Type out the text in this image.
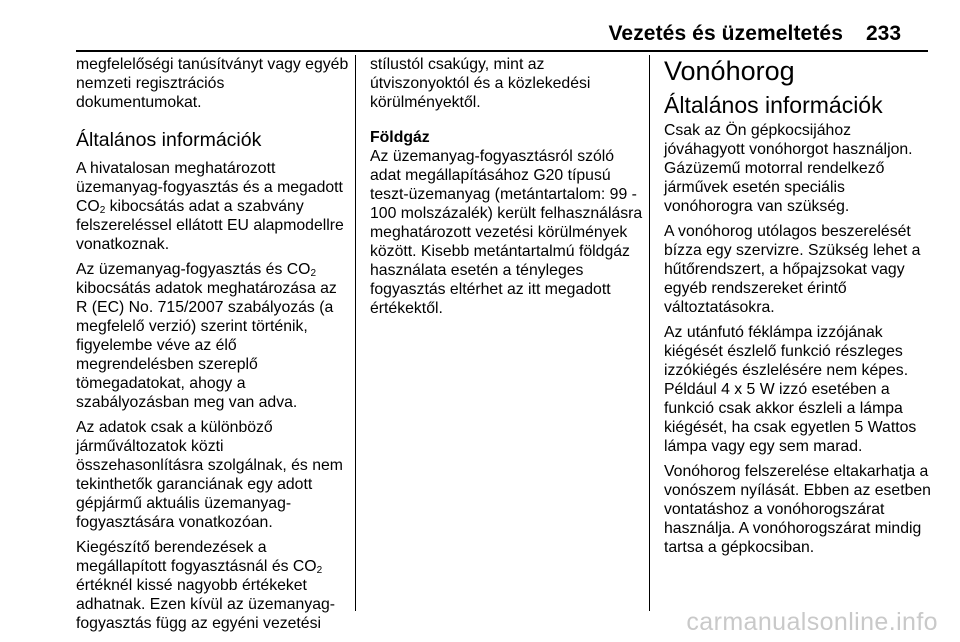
Vezetés és üzemeltetés 233

megfelelőségi tanúsítványt vagy egyéb nemzeti regisztrációs dokumentumokat.

Általános információk

A hivatalosan meghatározott üzemanyag-fogyasztás és a megadott $CO_2$ kibocsátás adat a szabvány felszereléssel ellátott EU alapmodellre vonatkoznak.

Az üzemanyag-fogyasztás és $CO_2$ kibocsátás adatok meghatározása az R (EC) No. 715/2007 szabályozás (a megfelelő verzió) szerint történik, figyelembe véve az élő megrendelésben szereplő tömegadatokat, ahogy a szabályozásban meg van adva.

Az adatok csak a különböző járműváltozatok közti összehasonlításra szolgálnak, és nem tekinthetők garanciának egy adott gépjármű aktuális üzemanyag-fogyasztására vonatkozóan.

Kiegészítő berendezések a megállapított fogyasztásnál és $CO_2$ értéknél kissé nagyobb értékeket adhatnak. Ezen kívül az üzemanyag-fogyasztás függ az egyéni vezetési

stílustól csakúgy, mint az útviszonyoktól és a közlekedési körülményektől.

Földgáz

Az üzemanyag-fogyasztásról szóló adat megállapításához G20 típusú teszt-üzemanyag (metántartalom: 99 - 100 molszázalék) került felhasználásra meghatározott vezetési körülmények között. Kisebb metántartalmú földgáz használata esetén a tényleges fogyasztás eltérhet az itt megadott értékektől.

Vonóhorog
Általános információk

Csak az Ön gépkocsijához jóváhagyott vonóhorgot használjon. Gázüzemű motorral rendelkező járművek esetén speciális vonóhorogra van szükség.

A vonóhorog utólagos beszerelését bízza egy szervizre. Szükség lehet a hűtőrendszert, a hőpajzsokat vagy egyéb rendszereket érintő változtatásokra.

Az utánfutó féklámpa izzójának kiégését észlelő funkció részleges izzókiégés észlelésére nem képes. Például 4 x 5 W izzó esetében a funkció csak akkor észleli a lámpa kiégését, ha csak egyetlen 5 Wattos lámpa vagy egy sem marad.

Vonóhorog felszerelése eltakarhatja a vonószem nyílását. Ebben az esetben vontatáshoz a vonóhorogszárat használja. A vonóhorogszárat mindig tartsa a gépkocsiban.

carmanualsonline.info
